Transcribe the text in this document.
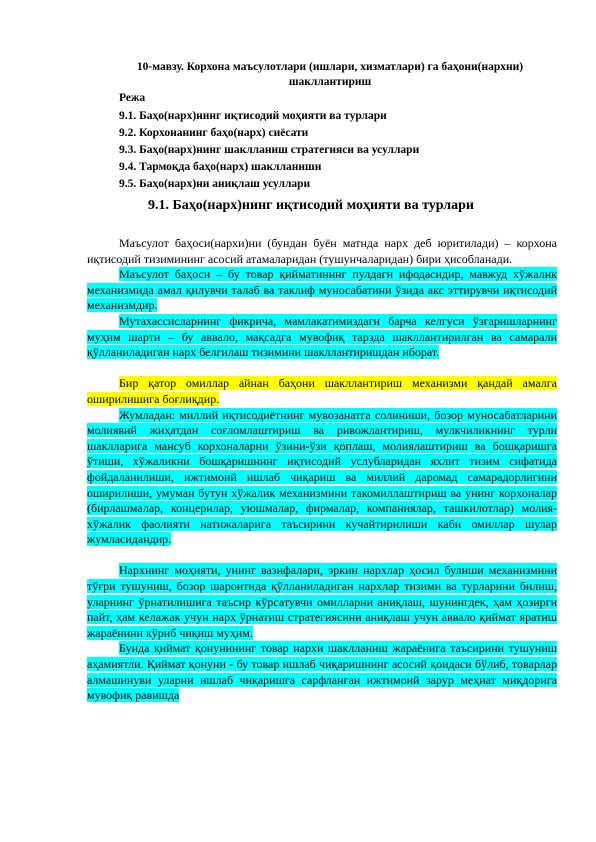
10-мавзу. Корхона маъсулотлари (ишлари, хизматлари) га баҳони(нархни) шакллантириш
Режа
9.1. Баҳо(нарх)нинг иқтисодий моҳияти ва турлари
9.2. Корхонанинг баҳо(нарх) сиёсати
9.3. Баҳо(нарх)нинг шаклланиш стратегияси ва усуллари
9.4. Тармоқда баҳо(нарх) шаклланиши
9.5. Баҳо(нарх)ни аниқлаш усуллари
9.1. Баҳо(нарх)нинг иқтисодий моҳияти ва турлари

Маъсулот баҳоси(нархи)ни (бундан буён матнда нарх деб юритилади) – корхона иқтисодий тизимининг асосий атамаларидан (тушунчаларидан) бири ҳисобланади.

Маъсулот баҳоси – бу товар қийматининг пулдаги ифодасидир, мавжуд хўжалик механизмида амал қилувчи талаб ва таклиф муносабатини ўзида акс эттирувчи иқтисодий механизмдир.

Мутахассисларнинг фикрича, мамлакатимиздаги барча келгуси ўзгаришларнинг муҳим шарти – бу аввало, мақсадга мувофиқ тарзда шакллантирилган ва самарали қўлланиладиган нарх белгилаш тизимини шакллантиришдан иборат.

Бир қатор омиллар айнан баҳони шакллантириш механизми қандай амалга оширилишига боғлиқдир.

Жумладан: миллий иқтисодиётнинг мувозанатга солиниши, бозор муносабатларини молиявий жиҳатдан соғломлаштириш ва ривожлантириш, мулкчиликнинг турли шаклларига мансуб корхоналарни ўзини-ўзи қоплаш, молиялаштириш ва бошқаришга ўтиши, хўжаликни бошқаришнинг иқтисодий услубларидан яхлит тизим сифатида фойдаланилиши, ижтимоий ишлаб чиқариш ва миллий даромад самарадорлигини оширилиши, умуман бутун хўжалик механизмини такомиллаштириш ва унинг корхоналар (бирлашмалар, концернлар, уюшмалар, фирмалар, компаниялар, ташкилотлар) молия-хўжалик фаолияти натижаларига таъсирини кучайтирилиши каби омиллар шулар жумласидандир.

Нархнинг моҳияти, унинг вазифалари, эркин нархлар ҳосил булиши механизмини тўғри тушуниш, бозор шароитида қўлланиладиган нархлар тизими ва турларини билиш, уларнинг ўрнатилишига таъсир кўрсатувчи омилларни аниқлаш, шунингдек, ҳам ҳозирги пайт, ҳам келажак учун нарх ўрнатиш стратегиясини аниқлаш учун аввало қиймат яратиш жараёнини кўриб чиқиш муҳим.

Бунда қиймат қонунининг товар нархи шаклланиш жараёнига таъсирини тушуниш аҳамиятли. Қиймат қонуни - бу товар ишлаб чиқаришнинг асосий қоидаси бўлиб, товарлар алмашинуви уларни ишлаб чиқаришга сарфланган ижтимоий зарур меҳнат миқдорига мувофиқ равишда
